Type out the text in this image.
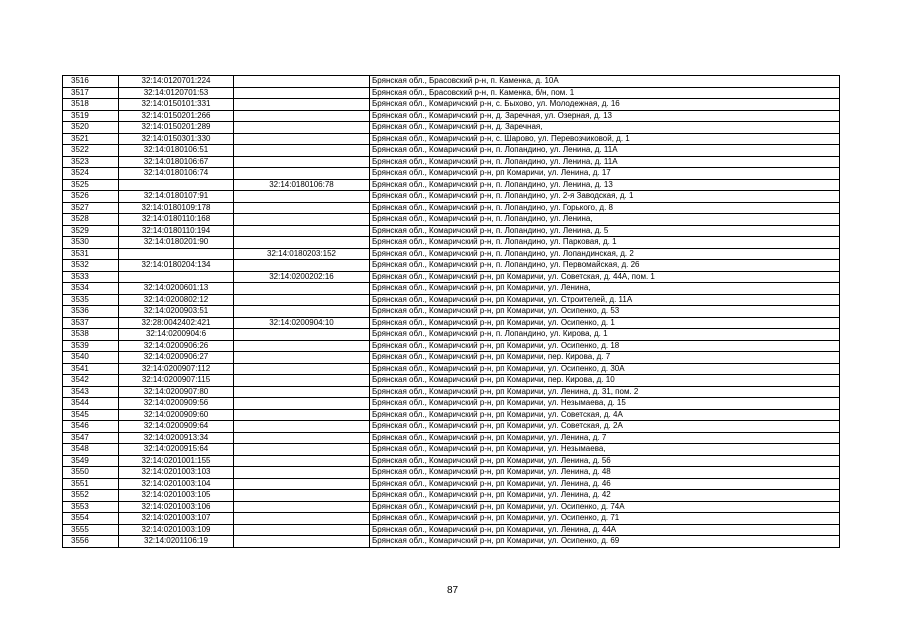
3516	32:14:0120701:224		Брянская обл., Брасовский р-н, п. Каменка, д. 10А
3517	32:14:0120701:53		Брянская обл., Брасовский р-н, п. Каменка, б/н, пом. 1
3518	32:14:0150101:331		Брянская обл., Комаричский р-н, с. Быхово, ул. Молодежная, д. 16
3519	32:14:0150201:266		Брянская обл., Комаричский р-н, д. Заречная, ул. Озерная, д. 13
3520	32:14:0150201:289		Брянская обл., Комаричский р-н, д. Заречная,
3521	32:14:0150301:330		Брянская обл., Комаричский р-н, с. Шарово, ул. Перевозчиковой, д. 1
3522	32:14:0180106:51		Брянская обл., Комаричский р-н, п. Лопандино, ул. Ленина, д. 11А
3523	32:14:0180106:67		Брянская обл., Комаричский р-н, п. Лопандино, ул. Ленина, д. 11А
3524	32:14:0180106:74		Брянская обл., Комаричский р-н, рп Комаричи, ул. Ленина, д. 17
3525		32:14:0180106:78	Брянская обл., Комаричский р-н, п. Лопандино, ул. Ленина, д. 13
3526	32:14:0180107:91		Брянская обл., Комаричский р-н, п. Лопандино, ул. 2-я Заводская, д. 1
3527	32:14:0180109:178		Брянская обл., Комаричский р-н, п. Лопандино, ул. Горького, д. 8
3528	32:14:0180110:168		Брянская обл., Комаричский р-н, п. Лопандино, ул. Ленина,
3529	32:14:0180110:194		Брянская обл., Комаричский р-н, п. Лопандино, ул. Ленина, д. 5
3530	32:14:0180201:90		Брянская обл., Комаричский р-н, п. Лопандино, ул. Парковая, д. 1
3531		32:14:0180203:152	Брянская обл., Комаричский р-н, п. Лопандино, ул. Лопандинская, д. 2
3532	32:14:0180204:134		Брянская обл., Комаричский р-н, п. Лопандино, ул. Первомайская, д. 26
3533		32:14:0200202:16	Брянская обл., Комаричский р-н, рп Комаричи, ул. Советская, д. 44А, пом. 1
3534	32:14:0200601:13		Брянская обл., Комаричский р-н, рп Комаричи, ул. Ленина,
3535	32:14:0200802:12		Брянская обл., Комаричский р-н, рп Комаричи, ул. Строителей, д. 11А
3536	32:14:0200903:51		Брянская обл., Комаричский р-н, рп Комаричи, ул. Осипенко, д. 53
3537	32:28:0042402:421	32:14:0200904:10	Брянская обл., Комаричский р-н, рп Комаричи, ул. Осипенко, д. 1
3538	32:14:0200904:6		Брянская обл., Комаричский р-н, п. Лопандино, ул. Кирова, д. 1
3539	32:14:0200906:26		Брянская обл., Комаричский р-н, рп Комаричи, ул. Осипенко, д. 18
3540	32:14:0200906:27		Брянская обл., Комаричский р-н, рп Комаричи, пер. Кирова, д. 7
3541	32:14:0200907:112		Брянская обл., Комаричский р-н, рп Комаричи, ул. Осипенко, д. 30А
3542	32:14:0200907:115		Брянская обл., Комаричский р-н, рп Комаричи, пер. Кирова, д. 10
3543	32:14:0200907:80		Брянская обл., Комаричский р-н, рп Комаричи, ул. Ленина, д. 31, пом. 2
3544	32:14:0200909:56		Брянская обл., Комаричский р-н, рп Комаричи, ул. Незымаева, д. 15
3545	32:14:0200909:60		Брянская обл., Комаричский р-н, рп Комаричи, ул. Советская, д. 4А
3546	32:14:0200909:64		Брянская обл., Комаричский р-н, рп Комаричи, ул. Советская, д. 2А
3547	32:14:0200913:34		Брянская обл., Комаричский р-н, рп Комаричи, ул. Ленина, д. 7
3548	32:14:0200915:64		Брянская обл., Комаричский р-н, рп Комаричи, ул. Незымаева,
3549	32:14:0201001:155		Брянская обл., Комаричский р-н, рп Комаричи, ул. Ленина, д. 56
3550	32:14:0201003:103		Брянская обл., Комаричский р-н, рп Комаричи, ул. Ленина, д. 48
3551	32:14:0201003:104		Брянская обл., Комаричский р-н, рп Комаричи, ул. Ленина, д. 46
3552	32:14:0201003:105		Брянская обл., Комаричский р-н, рп Комаричи, ул. Ленина, д. 42
3553	32:14:0201003:106		Брянская обл., Комаричский р-н, рп Комаричи, ул. Осипенко, д. 74А
3554	32:14:0201003:107		Брянская обл., Комаричский р-н, рп Комаричи, ул. Осипенко, д. 71
3555	32:14:0201003:109		Брянская обл., Комаричский р-н, рп Комаричи, ул. Ленина, д. 44А
3556	32:14:0201106:19		Брянская обл., Комаричский р-н, рп Комаричи, ул. Осипенко, д. 69
87
